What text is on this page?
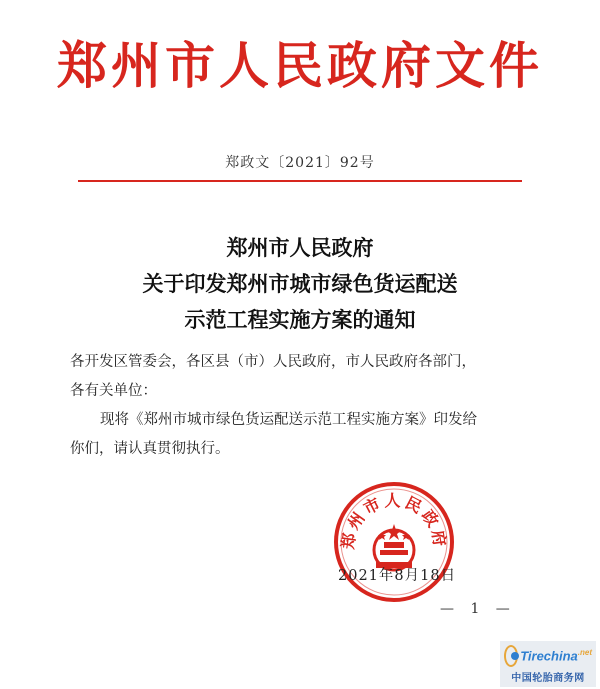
郑州市人民政府文件
郑政文〔2021〕92号
郑州市人民政府
关于印发郑州市城市绿色货运配送
示范工程实施方案的通知

各开发区管委会，各区县（市）人民政府，市人民政府各部门，

各有关单位：

现将《郑州市城市绿色货运配送示范工程实施方案》印发给

你们，请认真贯彻执行。

郑州市人民政府
2021年8月18日
— 1 —
Tirechina$^{.net}$
中国轮胎商务网
